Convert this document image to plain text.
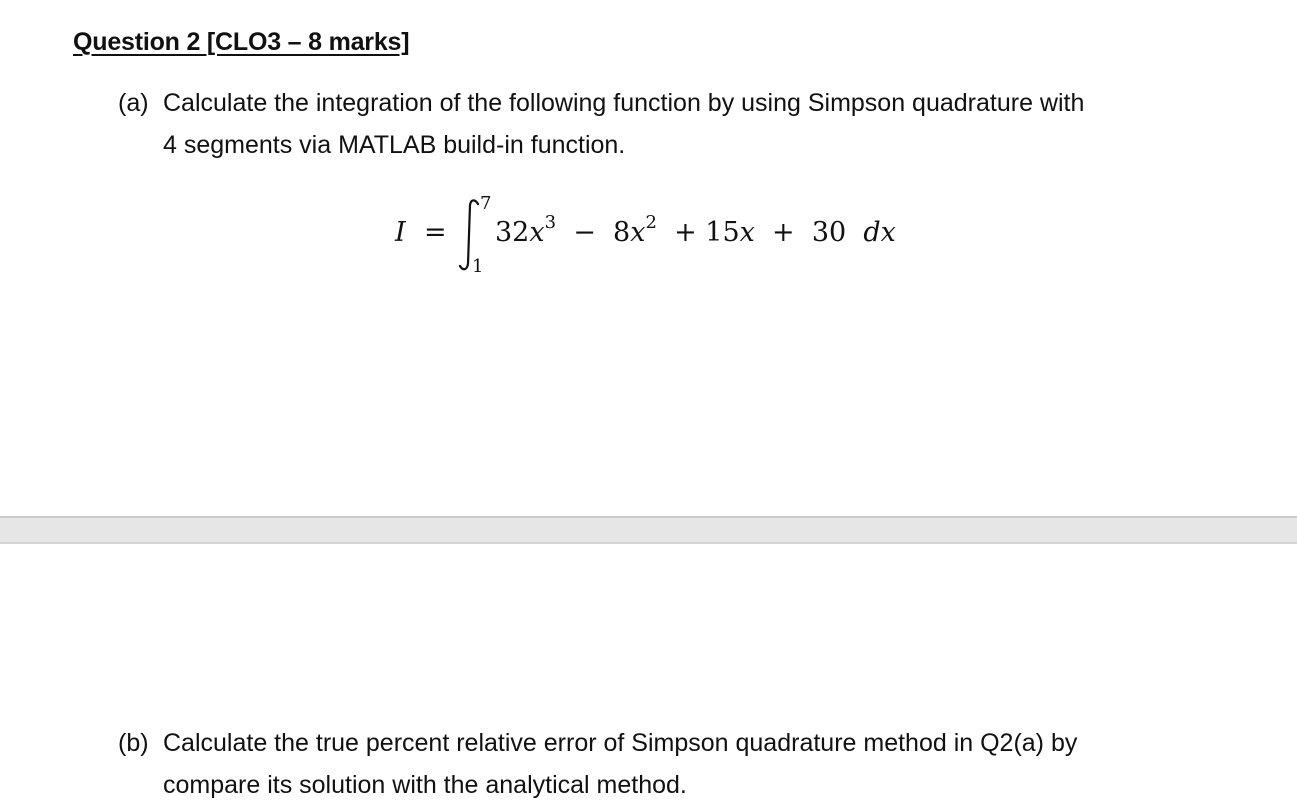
Question 2 [CLO3 – 8 marks]
(a) Calculate the integration of the following function by using Simpson quadrature with
4 segments via MATLAB build-in function.
I =
7
1
$32x^3 - 8x^2 + 15x + 30$ dx
(b) Calculate the true percent relative error of Simpson quadrature method in Q2(a) by
compare its solution with the analytical method.
